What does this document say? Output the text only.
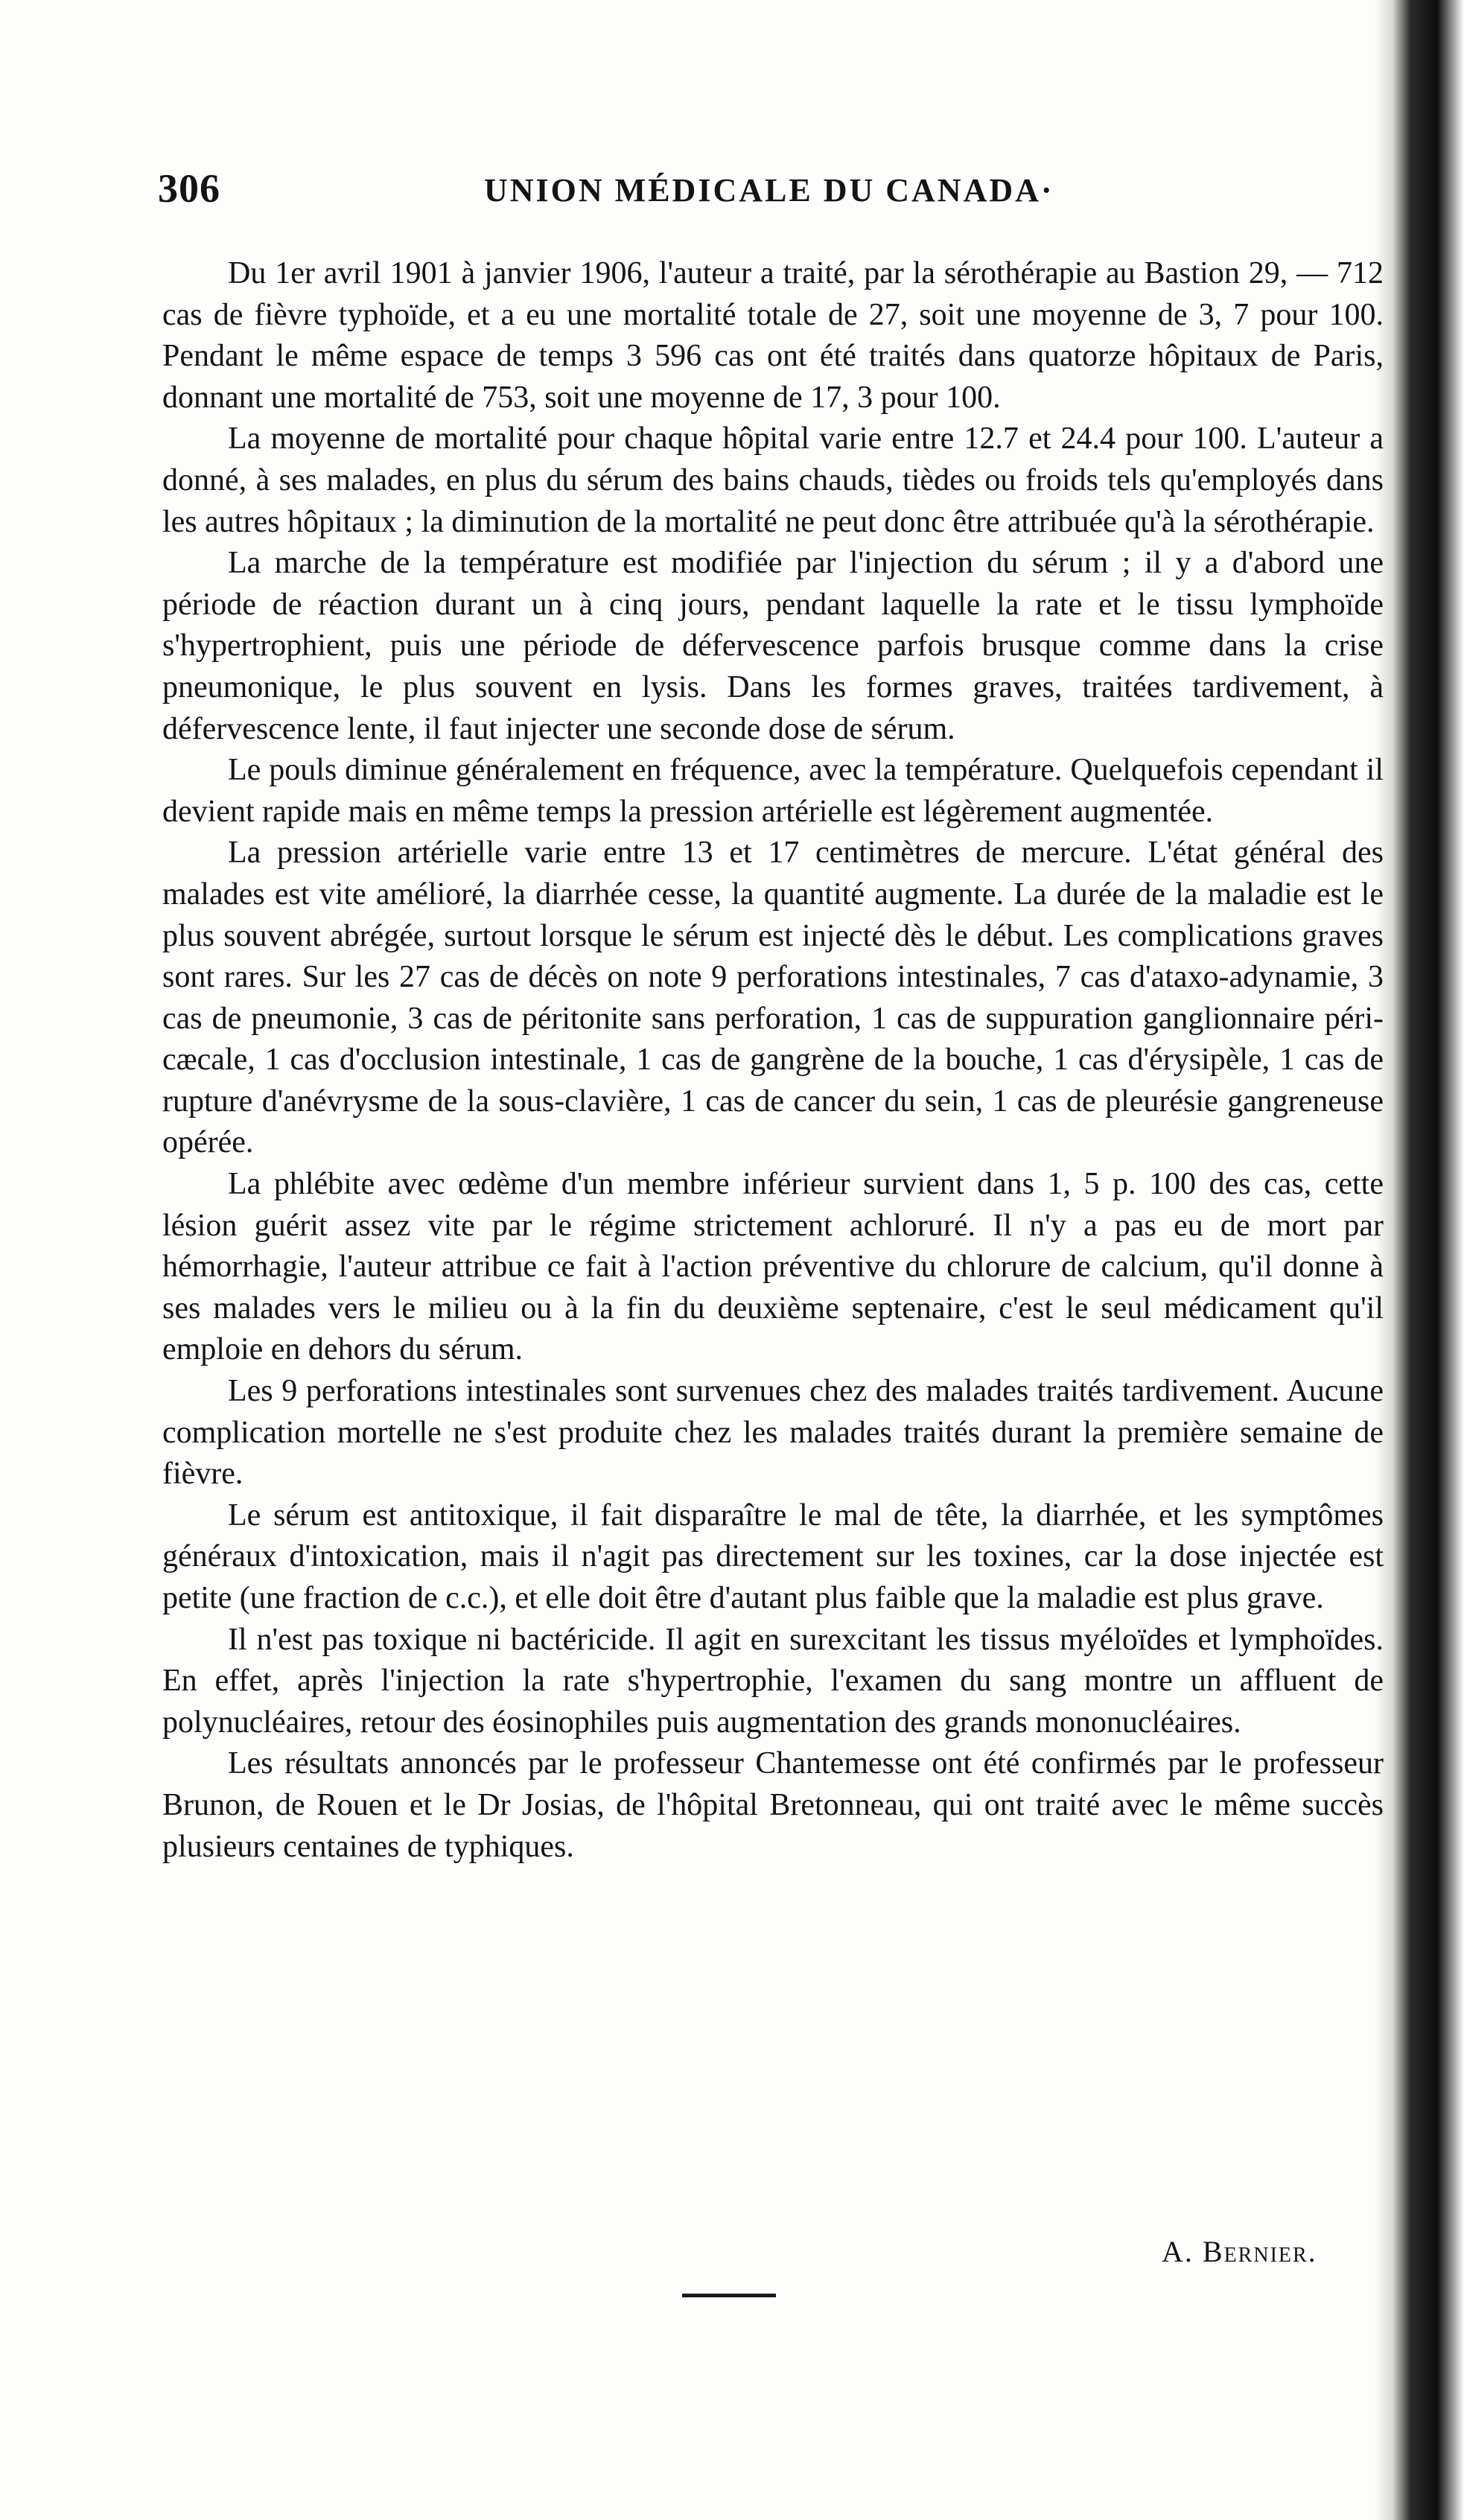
306	UNION MÉDICALE DU CANADA·

Du 1er avril 1901 à janvier 1906, l'auteur a traité, par la sérothérapie au Bastion 29, — 712 cas de fièvre typhoïde, et a eu une mortalité totale de 27, soit une moyenne de 3, 7 pour 100. Pendant le même espace de temps 3 596 cas ont été traités dans quatorze hôpitaux de Paris, donnant une mortalité de 753, soit une moyenne de 17, 3 pour 100.

La moyenne de mortalité pour chaque hôpital varie entre 12.7 et 24.4 pour 100. L'auteur a donné, à ses malades, en plus du sérum des bains chauds, tièdes ou froids tels qu'employés dans les autres hôpitaux ; la diminution de la mortalité ne peut donc être attribuée qu'à la sérothérapie.

La marche de la température est modifiée par l'injection du sérum ; il y a d'abord une période de réaction durant un à cinq jours, pendant laquelle la rate et le tissu lymphoïde s'hypertrophient, puis une période de défervescence parfois brusque comme dans la crise pneumonique, le plus souvent en lysis. Dans les formes graves, traitées tardivement, à défervescence lente, il faut injecter une seconde dose de sérum.

Le pouls diminue généralement en fréquence, avec la température. Quelquefois cependant il devient rapide mais en même temps la pression artérielle est légèrement augmentée.

La pression artérielle varie entre 13 et 17 centimètres de mercure. L'état général des malades est vite amélioré, la diarrhée cesse, la quantité augmente. La durée de la maladie est le plus souvent abrégée, surtout lorsque le sérum est injecté dès le début. Les complications graves sont rares. Sur les 27 cas de décès on note 9 perforations intestinales, 7 cas d'ataxo-adynamie, 3 cas de pneumonie, 3 cas de péritonite sans perforation, 1 cas de suppuration ganglionnaire péri-cæcale, 1 cas d'occlusion intestinale, 1 cas de gangrène de la bouche, 1 cas d'érysipèle, 1 cas de rupture d'anévrysme de la sous-clavière, 1 cas de cancer du sein, 1 cas de pleurésie gangreneuse opérée.

La phlébite avec œdème d'un membre inférieur survient dans 1, 5 p. 100 des cas, cette lésion guérit assez vite par le régime strictement achloruré. Il n'y a pas eu de mort par hémorrhagie, l'auteur attribue ce fait à l'action préventive du chlorure de calcium, qu'il donne à ses malades vers le milieu ou à la fin du deuxième septenaire, c'est le seul médicament qu'il emploie en dehors du sérum.

Les 9 perforations intestinales sont survenues chez des malades traités tardivement. Aucune complication mortelle ne s'est produite chez les malades traités durant la première semaine de fièvre.

Le sérum est antitoxique, il fait disparaître le mal de tête, la diarrhée, et les symptômes généraux d'intoxication, mais il n'agit pas directement sur les toxines, car la dose injectée est petite (une fraction de c.c.), et elle doit être d'autant plus faible que la maladie est plus grave.

Il n'est pas toxique ni bactéricide. Il agit en surexcitant les tissus myéloïdes et lymphoïdes. En effet, après l'injection la rate s'hypertrophie, l'examen du sang montre un affluent de polynucléaires, retour des éosinophiles puis augmentation des grands mononucléaires.

Les résultats annoncés par le professeur Chantemesse ont été confirmés par le professeur Brunon, de Rouen et le Dr Josias, de l'hôpital Bretonneau, qui ont traité avec le même succès plusieurs centaines de typhiques.

A. Bernier.
